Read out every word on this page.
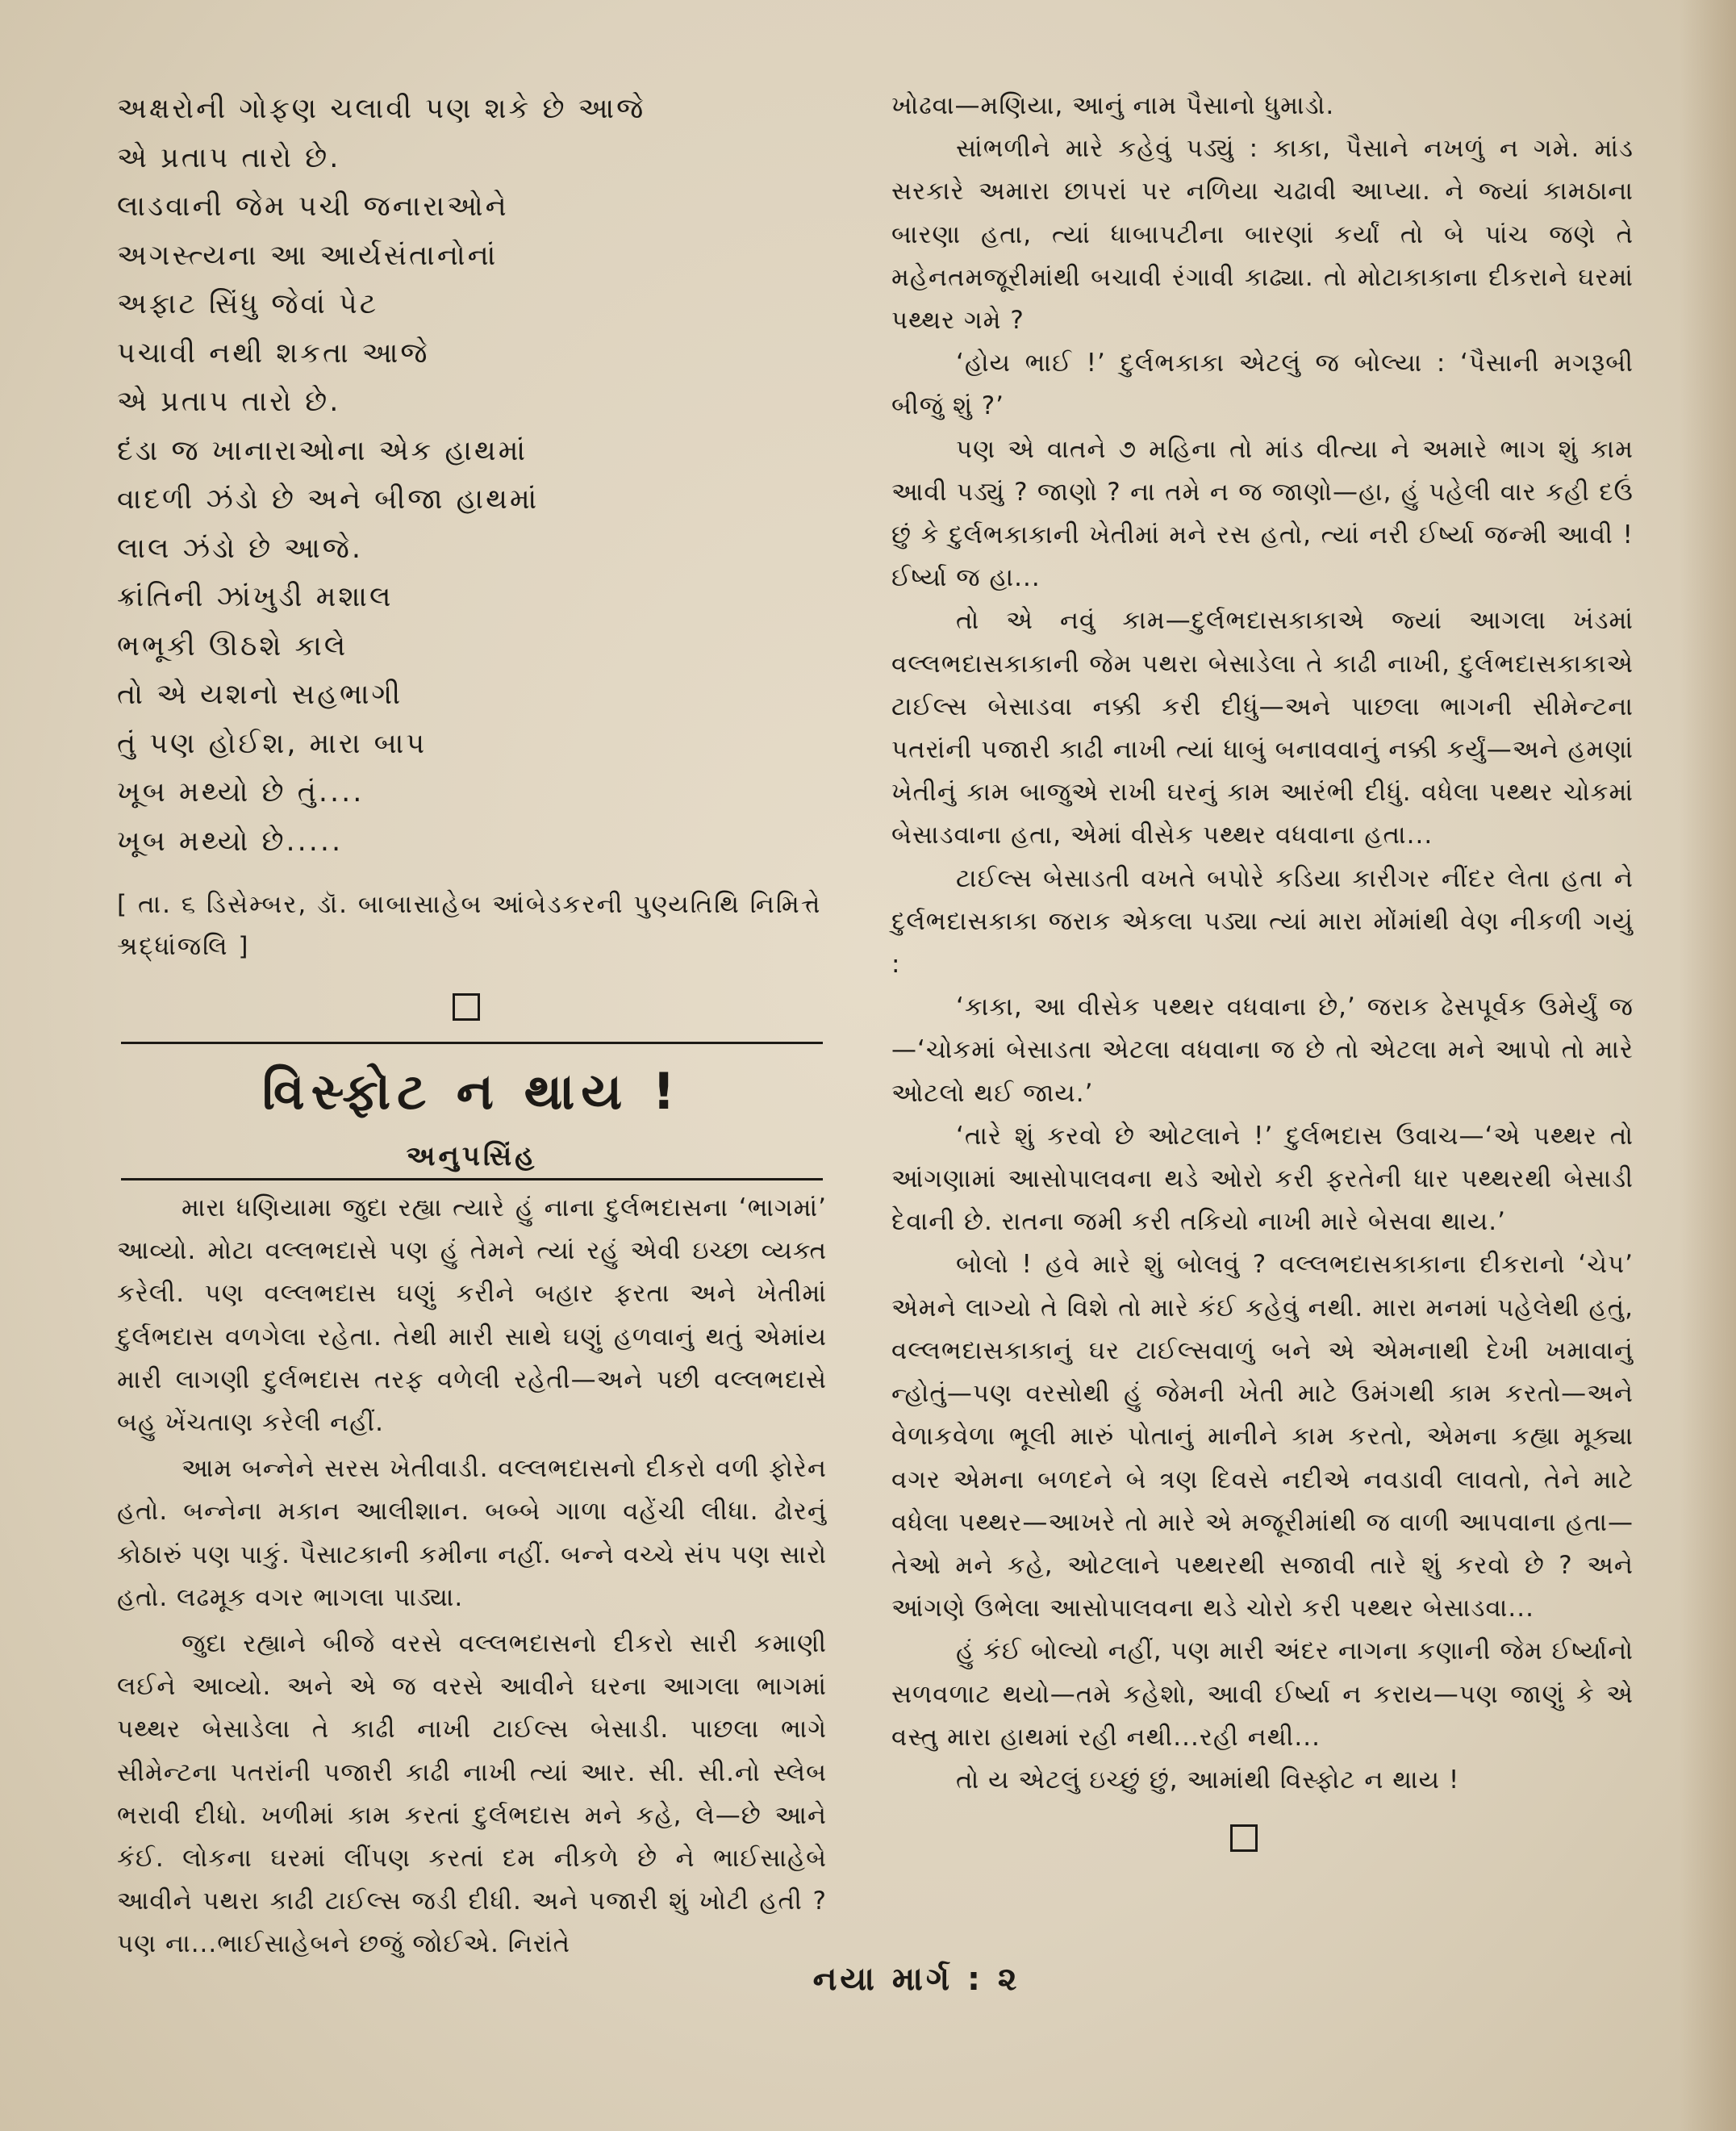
અક્ષરોની ગોફણ ચલાવી પણ શકે છે આજે
એ પ્રતાપ તારો છે.
લાડવાની જેમ પચી જનારાઓને
અગસ્ત્યના આ આર્યસંતાનોનાં
અફાટ સિંધુ જેવાં પેટ
પચાવી નથી શકતા આજે
એ પ્રતાપ તારો છે.
દંડા જ ખાનારાઓના એક હાથમાં
વાદળી ઝંડો છે અને બીજા હાથમાં
લાલ ઝંડો છે આજે.
ક્રાંતિની ઝાંખુડી મશાલ
ભભૂકી ઊઠશે કાલે
તો એ યશનો સહભાગી
તું પણ હોઈશ, મારા બાપ
ખૂબ મથ્યો છે તું....
ખૂબ મથ્યો છે.....
[ તા. ૬ ડિસેમ્બર, ડૉ. બાબાસાહેબ આંબેડકરની પુણ્યતિથિ નિમિત્તે શ્રદ્ધાંજલિ ]
વિસ્ફોટ ન થાય !
અનુપસિંહ

મારા ધણિયામા જુદા રહ્યા ત્યારે હું નાના દુર્લભદાસના ‘ભાગમાં’ આવ્યો. મોટા વલ્લભદાસે પણ હું તેમને ત્યાં રહું એવી ઇચ્છા વ્યક્ત કરેલી. પણ વલ્લભદાસ ઘણું કરીને બહાર ફરતા અને ખેતીમાં દુર્લભદાસ વળગેલા રહેતા. તેથી મારી સાથે ઘણું હળવાનું થતું એમાંય મારી લાગણી દુર્લભદાસ તરફ વળેલી રહેતી—અને પછી વલ્લભદાસે બહુ ખેંચતાણ કરેલી નહીં.

આમ બન્નેને સરસ ખેતીવાડી. વલ્લભદાસનો દીકરો વળી ફોરેન હતો. બન્નેના મકાન આલીશાન. બબ્બે ગાળા વહેંચી લીધા. ઢોરનું કોઠારું પણ પાકું. પૈસાટકાની કમીના નહીં. બન્ને વચ્ચે સંપ પણ સારો હતો. લઢમૂક વગર ભાગલા પાડ્યા.

જુદા રહ્યાને બીજે વરસે વલ્લભદાસનો દીકરો સારી કમાણી લઈને આવ્યો. અને એ જ વરસે આવીને ઘરના આગલા ભાગમાં પથ્થર બેસાડેલા તે કાઢી નાખી ટાઈલ્સ બેસાડી. પાછલા ભાગે સીમેન્ટના પતરાંની પજારી કાઢી નાખી ત્યાં આર. સી. સી.નો સ્લેબ ભરાવી દીધો. ખળીમાં કામ કરતાં દુર્લભદાસ મને કહે, લે—છે આને કંઈ. લોકના ઘરમાં લીંપણ કરતાં દમ નીકળે છે ને ભાઈસાહેબે આવીને પથરા કાઢી ટાઈલ્સ જડી દીધી. અને પજારી શું ખોટી હતી ? પણ ના...ભાઈસાહેબને છજું જોઈએ. નિરાંતે

ખોઢવા—મણિયા, આનું નામ પૈસાનો ધુમાડો.

સાંભળીને મારે કહેવું પડ્યું : કાકા, પૈસાને નખળું ન ગમે. માંડ સરકારે અમારા છાપરાં પર નળિયા ચઢાવી આપ્યા. ને જ્યાં કામઠાના બારણા હતા, ત્યાં ધાબાપટીના બારણાં કર્યાં તો બે પાંચ જણે તે મહેનતમજૂરીમાંથી બચાવી રંગાવી કાઢ્યા. તો મોટાકાકાના દીકરાને ઘરમાં પથ્થર ગમે ?

‘હોય ભાઈ !’ દુર્લભકાકા એટલું જ બોલ્યા : ‘પૈસાની મગરૂબી બીજું શું ?’

પણ એ વાતને ૭ મહિના તો માંડ વીત્યા ને અમારે ભાગ શું કામ આવી પડ્યું ? જાણો ? ના તમે ન જ જાણો—હા, હું પહેલી વાર કહી દઉં છું કે દુર્લભકાકાની ખેતીમાં મને રસ હતો, ત્યાં નરી ઈર્ષ્યા જન્મી આવી ! ઈર્ષ્યા જ હા...

તો એ નવું કામ—દુર્લભદાસકાકાએ જ્યાં આગલા ખંડમાં વલ્લભદાસકાકાની જેમ પથરા બેસાડેલા તે કાઢી નાખી, દુર્લભદાસકાકાએ ટાઈલ્સ બેસાડવા નક્કી કરી દીધું—અને પાછલા ભાગની સીમેન્ટના પતરાંની પજારી કાઢી નાખી ત્યાં ધાબું બનાવવાનું નક્કી કર્યું—અને હમણાં ખેતીનું કામ બાજુએ રાખી ઘરનું કામ આરંભી દીધું. વધેલા પથ્થર ચોકમાં બેસાડવાના હતા, એમાં વીસેક પથ્થર વધવાના હતા...

ટાઈલ્સ બેસાડતી વખતે બપોરે કડિયા કારીગર નીંદર લેતા હતા ને દુર્લભદાસકાકા જરાક એકલા પડ્યા ત્યાં મારા મોંમાંથી વેણ નીકળી ગયું :

‘કાકા, આ વીસેક પથ્થર વધવાના છે,’ જરાક ઢેસપૂર્વક ઉમેર્યું જ—‘ચોકમાં બેસાડતા એટલા વધવાના જ છે તો એટલા મને આપો તો મારે ઓટલો થઈ જાય.’

‘તારે શું કરવો છે ઓટલાને !’ દુર્લભદાસ ઉવાચ—‘એ પથ્થર તો આંગણામાં આસોપાલવના થડે ઓરો કરી ફરતેની ધાર પથ્થરથી બેસાડી દેવાની છે. રાતના જમી કરી તકિયો નાખી મારે બેસવા થાય.’

બોલો ! હવે મારે શું બોલવું ? વલ્લભદાસકાકાના દીકરાનો ‘ચેપ’ એમને લાગ્યો તે વિશે તો મારે કંઈ કહેવું નથી. મારા મનમાં પહેલેથી હતું, વલ્લભદાસકાકાનું ઘર ટાઈલ્સવાળું બને એ એમનાથી દેખી ખમાવાનું ન્હોતું—પણ વરસોથી હું જેમની ખેતી માટે ઉમંગથી કામ કરતો—અને વેળાકવેળા ભૂલી મારું પોતાનું માનીને કામ કરતો, એમના કહ્યા મૂક્યા વગર એમના બળદને બે ત્રણ દિવસે નદીએ નવડાવી લાવતો, તેને માટે વધેલા પથ્થર—આખરે તો મારે એ મજૂરીમાંથી જ વાળી આપવાના હતા—તેઓ મને કહે, ઓટલાને પથ્થરથી સજાવી તારે શું કરવો છે ? અને આંગણે ઉભેલા આસોપાલવના થડે ચોરો કરી પથ્થર બેસાડવા...

હું કંઈ બોલ્યો નહીં, પણ મારી અંદર નાગના કણાની જેમ ઈર્ષ્યાનો સળવળાટ થયો—તમે કહેશો, આવી ઈર્ષ્યા ન કરાય—પણ જાણું કે એ વસ્તુ મારા હાથમાં રહી નથી...રહી નથી...

તો ય એટલું ઇચ્છું છું, આમાંથી વિસ્ફોટ ન થાય !

નયા માર્ગ : ૨
